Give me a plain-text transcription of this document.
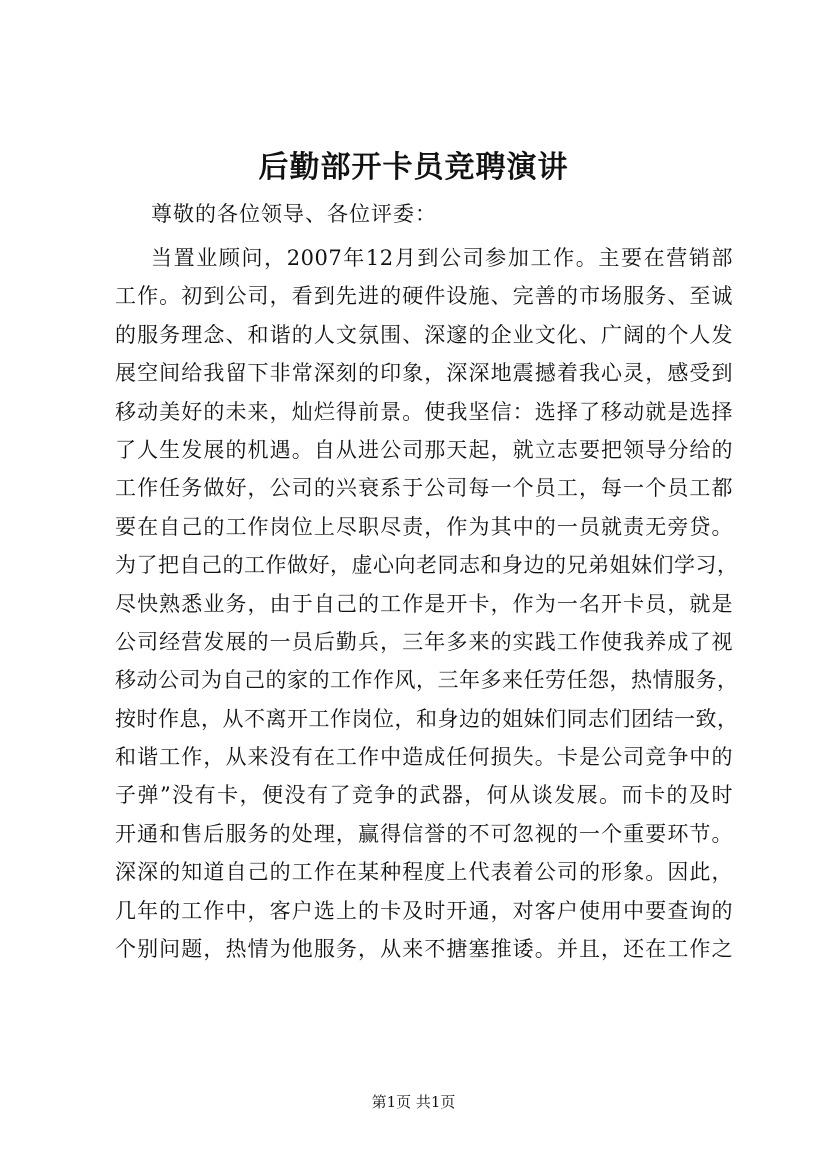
后勤部开卡员竞聘演讲

尊敬的各位领导、各位评委：

当置业顾问，2007年12月到公司参加工作。主要在营销部
工作。初到公司，看到先进的硬件设施、完善的市场服务、至诚
的服务理念、和谐的人文氛围、深邃的企业文化、广阔的个人发
展空间给我留下非常深刻的印象，深深地震撼着我心灵，感受到
移动美好的未来，灿烂得前景。使我坚信：选择了移动就是选择
了人生发展的机遇。自从进公司那天起，就立志要把领导分给的
工作任务做好，公司的兴衰系于公司每一个员工，每一个员工都
要在自己的工作岗位上尽职尽责，作为其中的一员就责无旁贷。
为了把自己的工作做好，虚心向老同志和身边的兄弟姐妹们学习，
尽快熟悉业务，由于自己的工作是开卡，作为一名开卡员，就是
公司经营发展的一员后勤兵，三年多来的实践工作使我养成了视
移动公司为自己的家的工作作风，三年多来任劳任怨，热情服务，
按时作息，从不离开工作岗位，和身边的姐妹们同志们团结一致，
和谐工作，从来没有在工作中造成任何损失。卡是公司竞争中的
子弹”没有卡，便没有了竞争的武器，何从谈发展。而卡的及时
开通和售后服务的处理，赢得信誉的不可忽视的一个重要环节。
深深的知道自己的工作在某种程度上代表着公司的形象。因此，
几年的工作中，客户选上的卡及时开通，对客户使用中要查询的
个别问题，热情为他服务，从来不搪塞推诿。并且，还在工作之
第1页 共1页
